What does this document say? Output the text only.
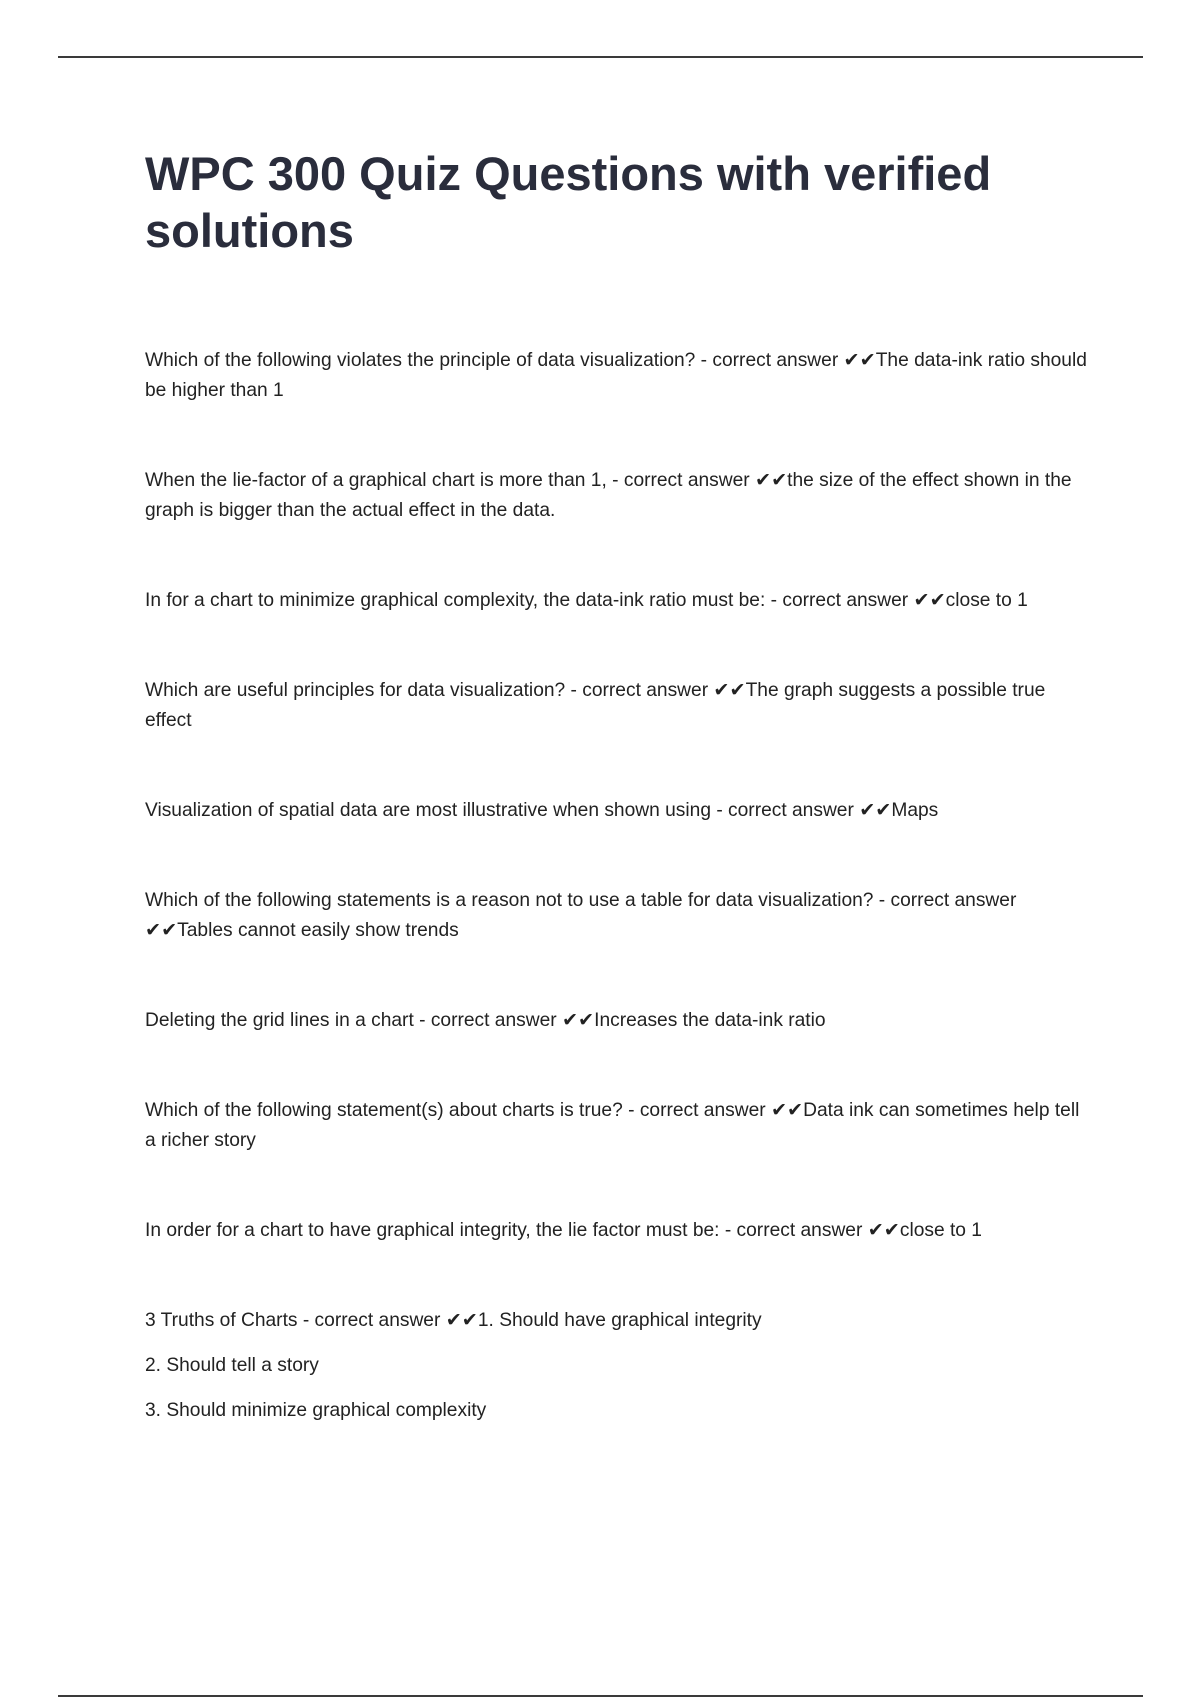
WPC 300 Quiz Questions with verified solutions

Which of the following violates the principle of data visualization? - correct answer ✔✔The data-ink ratio should be higher than 1

When the lie-factor of a graphical chart is more than 1, - correct answer ✔✔the size of the effect shown in the graph is bigger than the actual effect in the data.

In for a chart to minimize graphical complexity, the data-ink ratio must be: - correct answer ✔✔close to 1

Which are useful principles for data visualization? - correct answer ✔✔The graph suggests a possible true effect

Visualization of spatial data are most illustrative when shown using - correct answer ✔✔Maps

Which of the following statements is a reason not to use a table for data visualization? - correct answer ✔✔Tables cannot easily show trends

Deleting the grid lines in a chart - correct answer ✔✔Increases the data-ink ratio

Which of the following statement(s) about charts is true? - correct answer ✔✔Data ink can sometimes help tell a richer story

In order for a chart to have graphical integrity, the lie factor must be: - correct answer ✔✔close to 1

3 Truths of Charts - correct answer ✔✔1. Should have graphical integrity

2. Should tell a story

3. Should minimize graphical complexity
